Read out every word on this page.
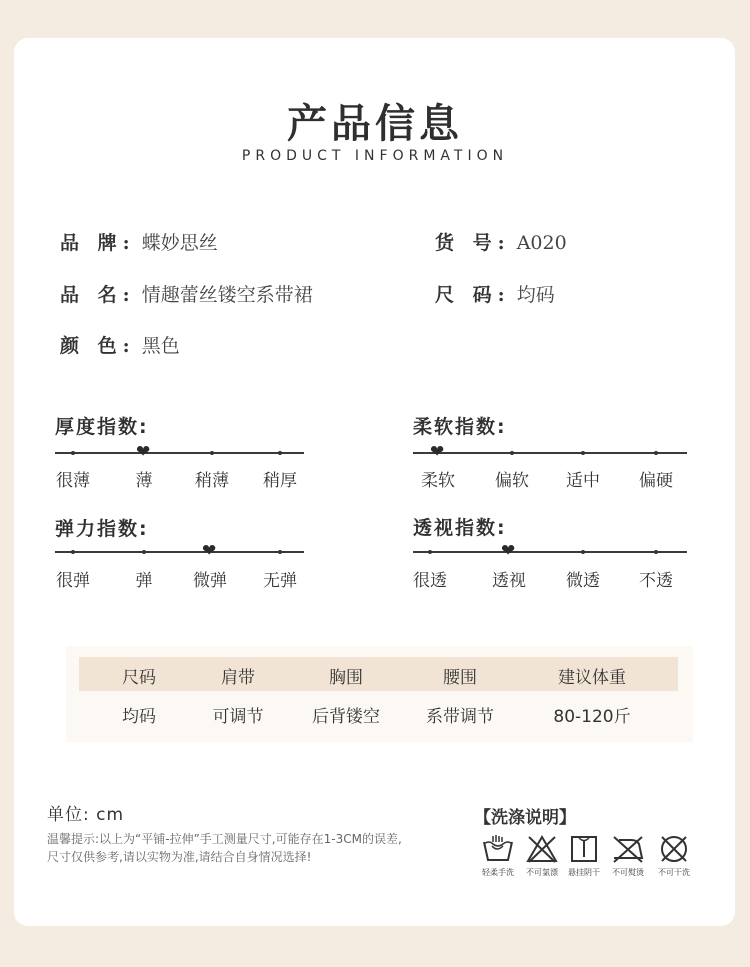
产品信息
PRODUCT INFORMATION
品 牌: 蝶妙思丝	货 号: A020
品 名: 情趣蕾丝镂空系带裙	尺 码: 均码
颜 色: 黑色
厚度指数:
很薄
❤
薄	稍薄	稍厚
柔软指数:
❤
柔软	偏软	适中	偏硬
弹力指数:
很弹	弹
❤
微弹	无弹
透视指数:
很透
❤
透视	微透	不透
尺码	肩带	胸围	腰围	建议体重
均码	可调节	后背镂空	系带调节	80-120斤
单位: cm
温馨提示:以上为“平铺-拉伸”手工测量尺寸,可能存在1-3CM的误差,
尺寸仅供参考,请以实物为准,请结合自身情况选择!
【洗涤说明】
轻柔手洗	不可氯漂	悬挂阴干	不可熨烫	不可干洗
